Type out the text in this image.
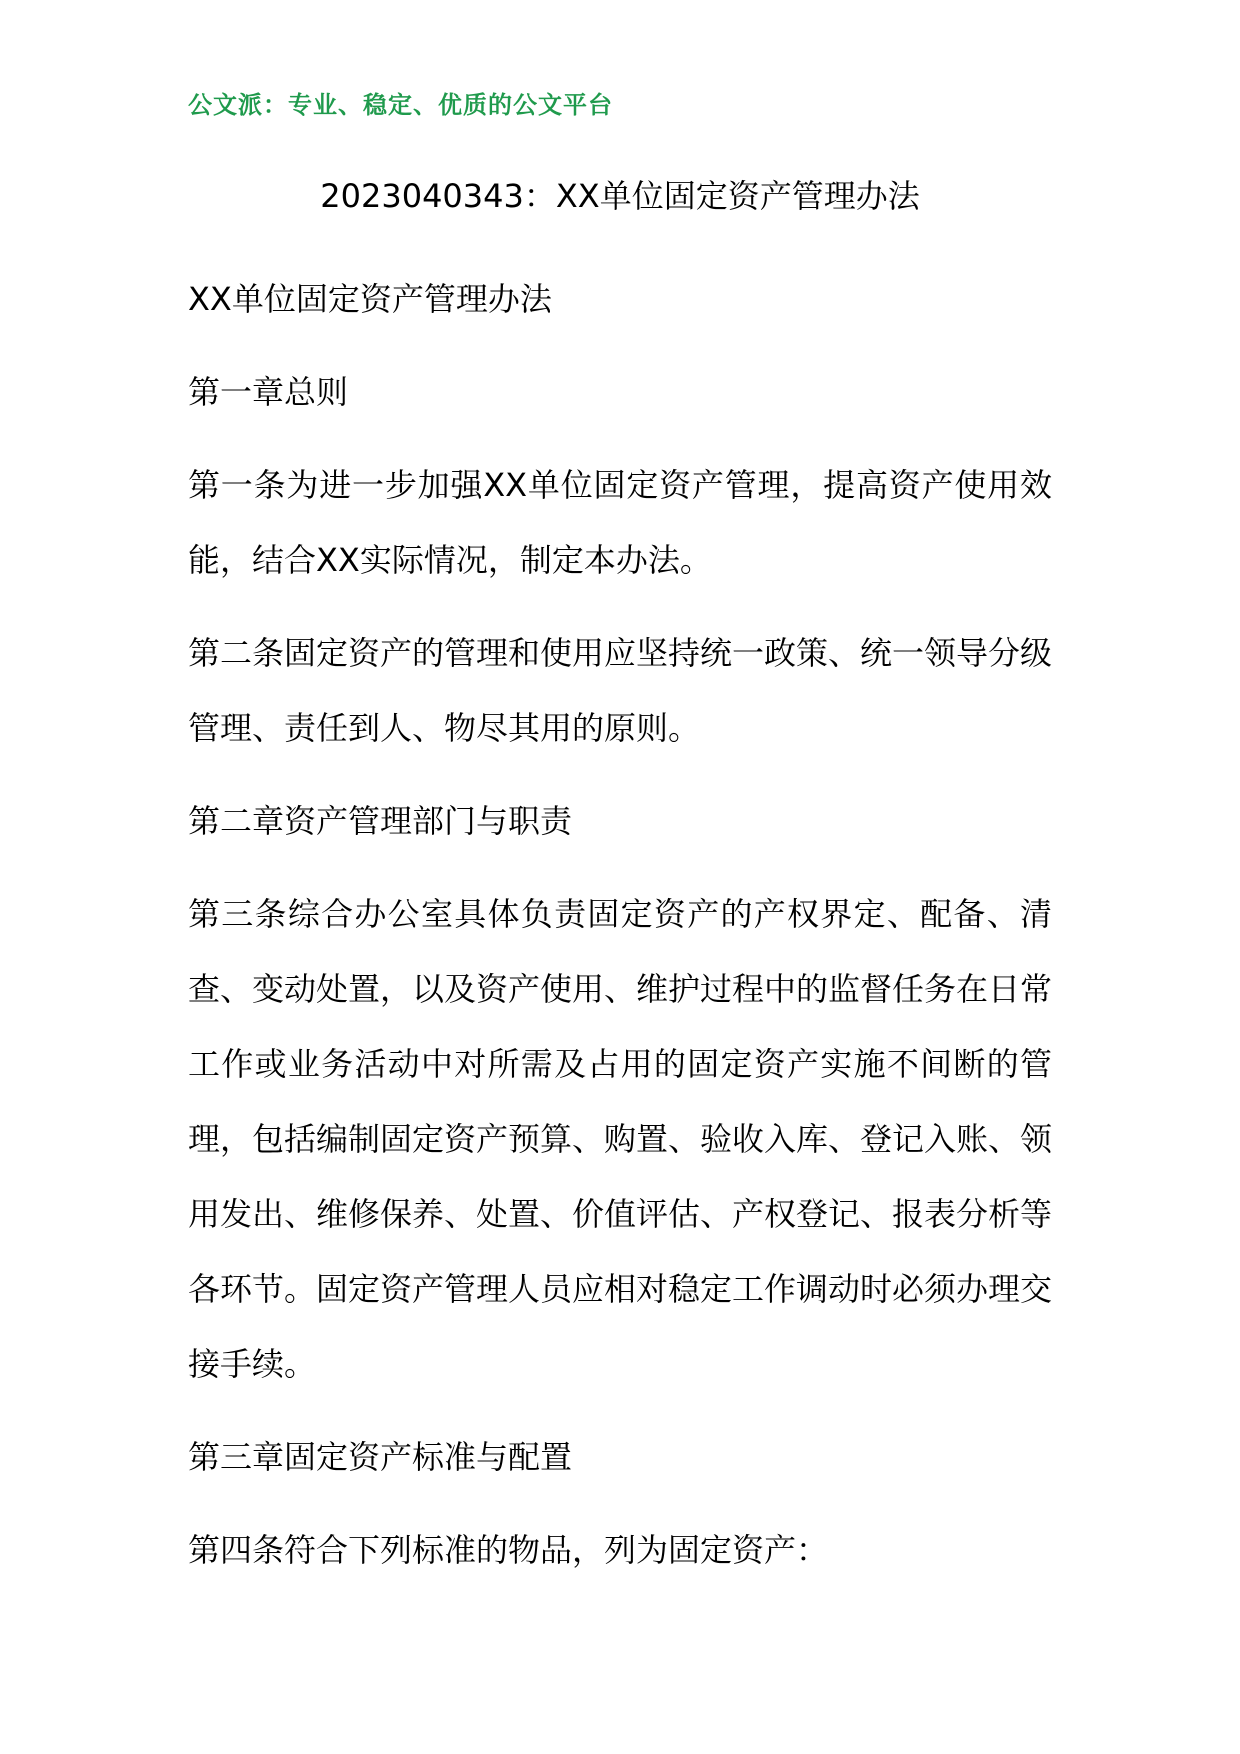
公文派：专业、稳定、优质的公文平台
2023040343：XX单位固定资产管理办法

XX单位固定资产管理办法

第一章总则

第一条为进一步加强XX单位固定资产管理，提高资产使用效能，结合XX实际情况，制定本办法。

第二条固定资产的管理和使用应坚持统一政策、统一领导分级管理、责任到人、物尽其用的原则。

第二章资产管理部门与职责

第三条综合办公室具体负责固定资产的产权界定、配备、清查、变动处置，以及资产使用、维护过程中的监督任务在日常工作或业务活动中对所需及占用的固定资产实施不间断的管理，包括编制固定资产预算、购置、验收入库、登记入账、领用发出、维修保养、处置、价值评估、产权登记、报表分析等各环节。固定资产管理人员应相对稳定工作调动时必须办理交接手续。

第三章固定资产标准与配置

第四条符合下列标准的物品，列为固定资产：
